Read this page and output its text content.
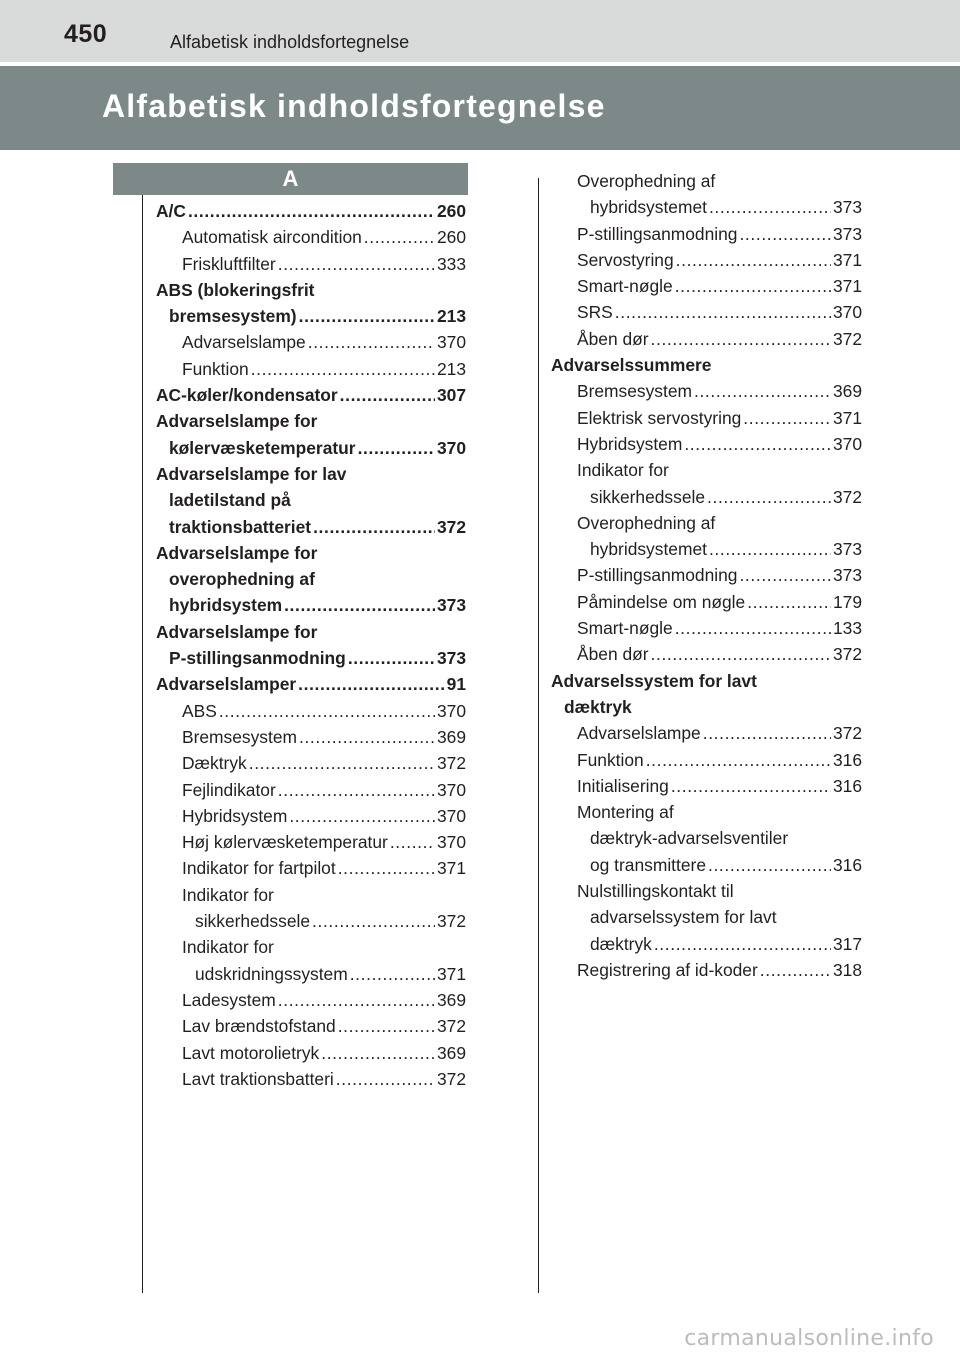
450	Alfabetisk indholdsfortegnelse
Alfabetisk indholdsfortegnelse
A
A/C . . .	260
Automatisk aircondition . . .	260
Friskluftfilter . . .	333
ABS (blokeringsfrit
bremsesystem) . . .	213
Advarselslampe . . .	370
Funktion . . .	213
AC-køler/kondensator . . .	307
Advarselslampe for
kølervæsketemperatur . . .	370
Advarselslampe for lav
ladetilstand på
traktionsbatteriet . . .	372
Advarselslampe for
overophedning af
hybridsystem . . .	373
Advarselslampe for
P-stillingsanmodning . . .	373
Advarselslamper . . .	91
ABS . . .	370
Bremsesystem . . .	369
Dæktryk . . .	372
Fejlindikator . . .	370
Hybridsystem . . .	370
Høj kølervæsketemperatur . . .	370
Indikator for fartpilot . . .	371
Indikator for
sikkerhedssele . . .	372
Indikator for
udskridningssystem . . .	371
Ladesystem . . .	369
Lav brændstofstand . . .	372
Lavt motorolietryk . . .	369
Lavt traktionsbatteri . . .	372
Overophedning af
hybridsystemet . . .	373
P-stillingsanmodning . . .	373
Servostyring . . .	371
Smart-nøgle . . .	371
SRS . . .	370
Åben dør . . .	372
Advarselssummere
Bremsesystem . . .	369
Elektrisk servostyring . . .	371
Hybridsystem . . .	370
Indikator for
sikkerhedssele . . .	372
Overophedning af
hybridsystemet . . .	373
P-stillingsanmodning . . .	373
Påmindelse om nøgle . . .	179
Smart-nøgle . . .	133
Åben dør . . .	372
Advarselssystem for lavt
dæktryk
Advarselslampe . . .	372
Funktion . . .	316
Initialisering . . .	316
Montering af
dæktryk-advarselsventiler
og transmittere . . .	316
Nulstillingskontakt til
advarselssystem for lavt
dæktryk . . .	317
Registrering af id-koder . . .	318
carmanualsonline.info
